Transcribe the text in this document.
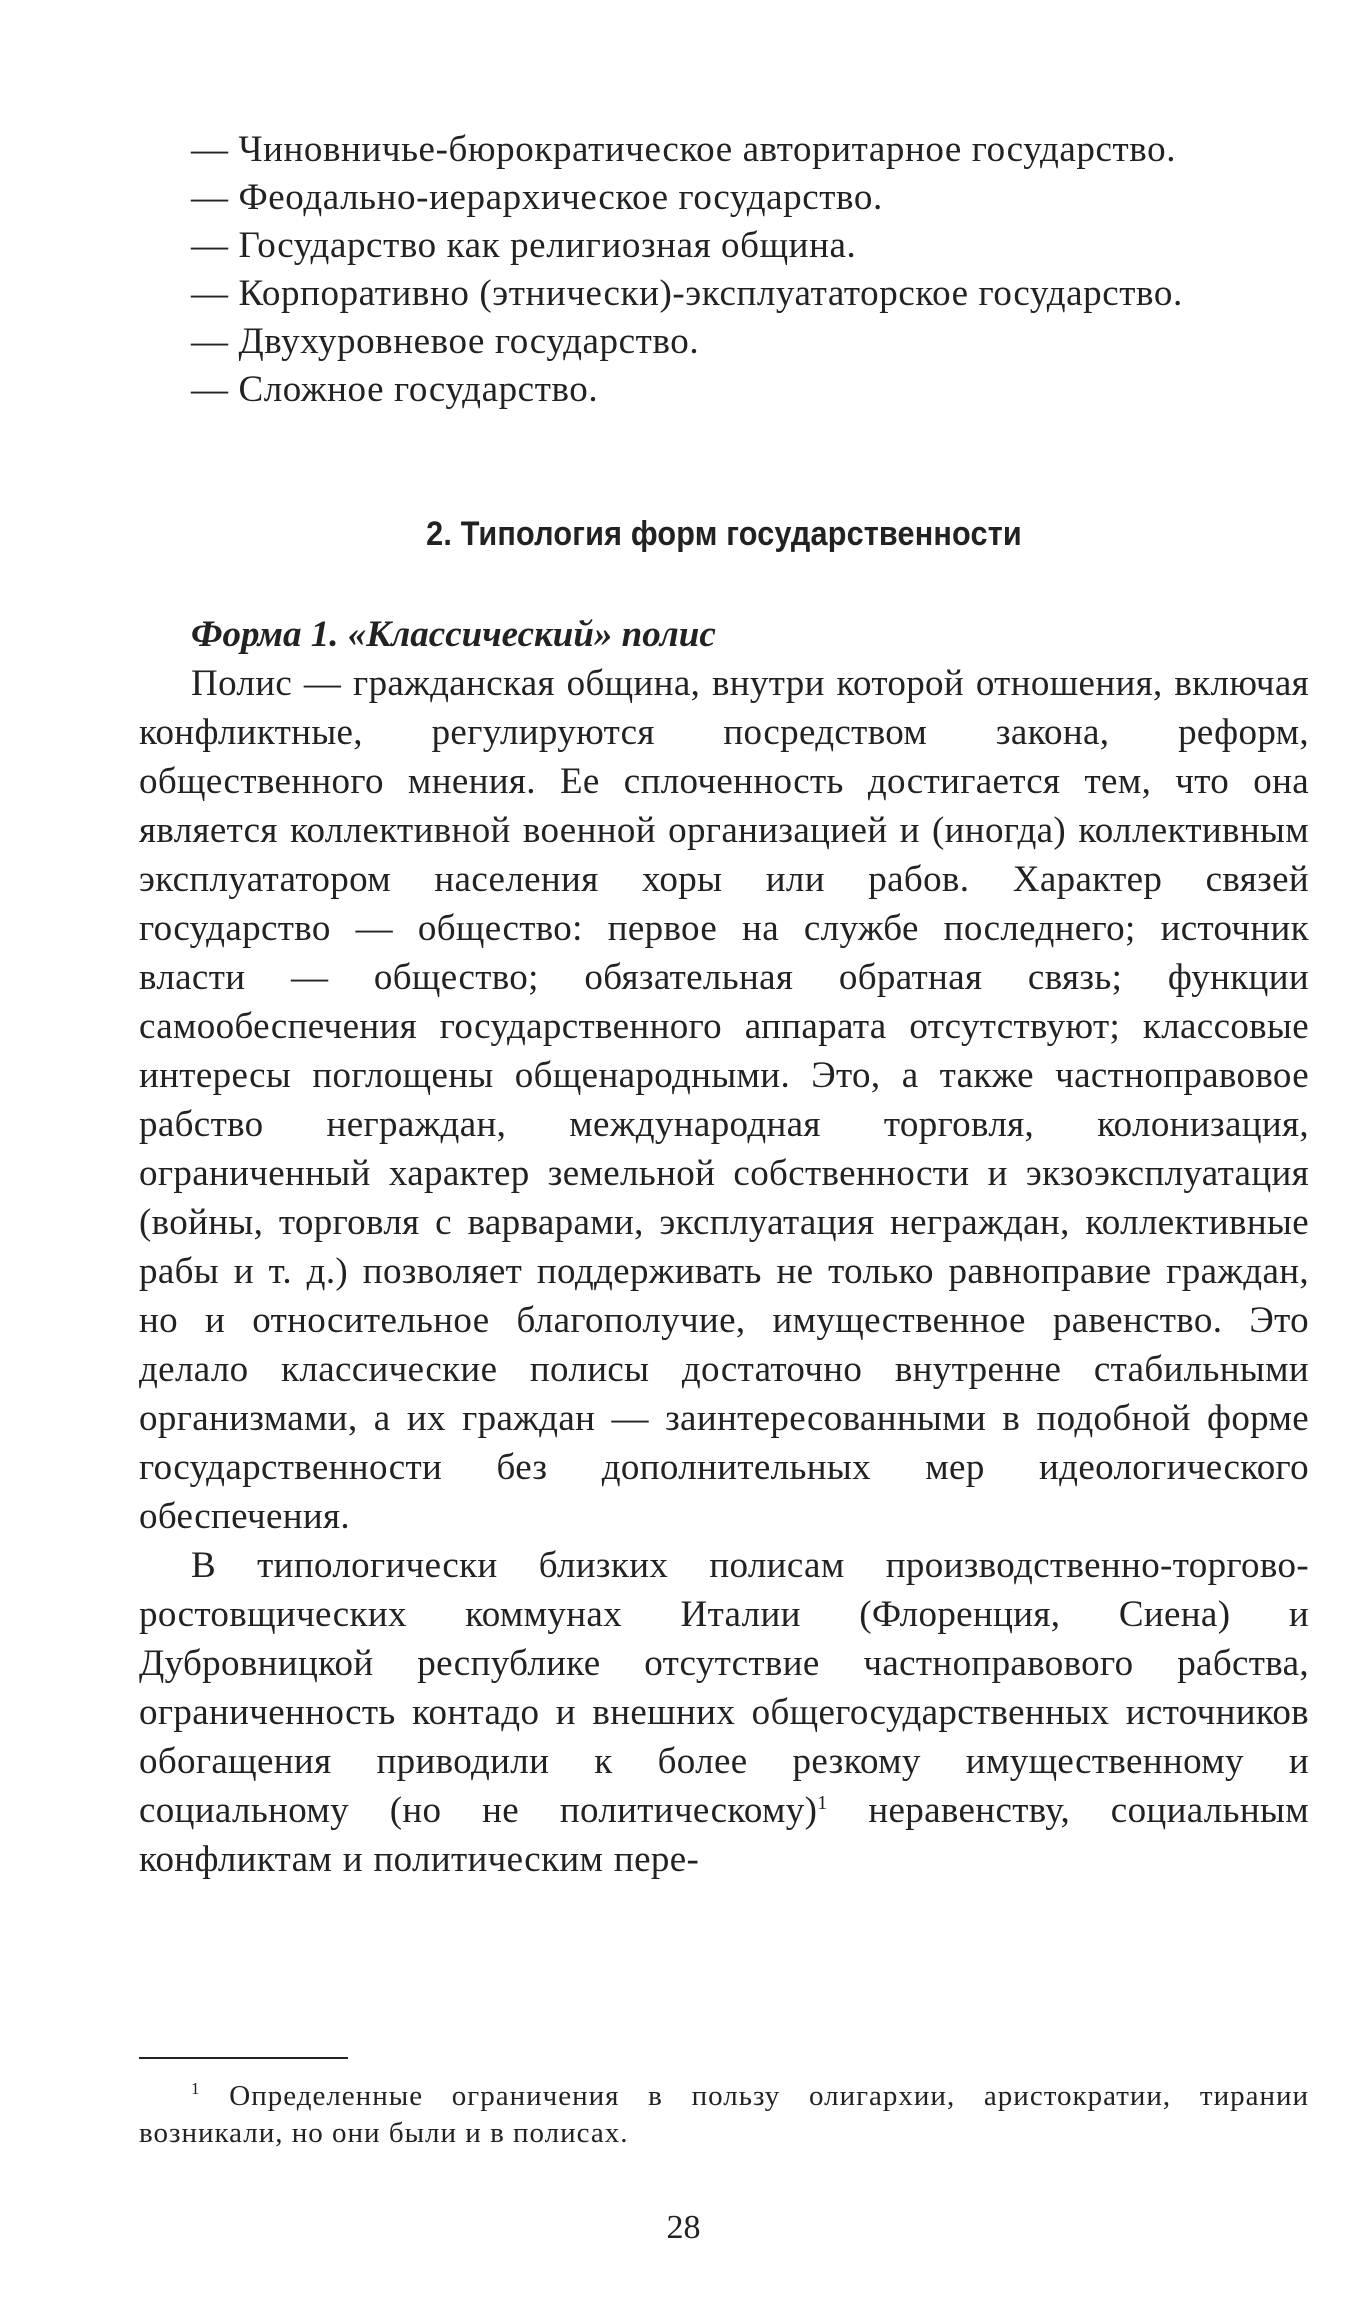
— Чиновничье-бюрократическое авторитарное государство.

— Феодально-иерархическое государство.

— Государство как религиозная община.

— Корпоративно (этнически)-эксплуататорское государство.

— Двухуровневое государство.

— Сложное государство.

2. Типология форм государственности
Форма 1. «Классический» полис

Полис — гражданская община, внутри которой отношения, включая конфликтные, регулируются посредством закона, реформ, общественного мнения. Ее сплоченность достигается тем, что она является коллективной военной организацией и (иногда) коллективным эксплуататором населения хоры или рабов. Характер связей государство — общество: первое на службе последнего; источник власти — общество; обязательная обратная связь; функции самообеспечения государственного аппарата отсутствуют; классовые интересы поглощены общенародными. Это, а также частноправовое рабство неграждан, международная торговля, колонизация, ограниченный характер земельной собственности и экзоэксплуатация (войны, торговля с варварами, эксплуатация неграждан, коллективные рабы и т. д.) позволяет поддерживать не только равноправие граждан, но и относительное благополучие, имущественное равенство. Это делало классические полисы достаточно внутренне стабильными организмами, а их граждан — заинтересованными в подобной форме государственности без дополнительных мер идеологического обеспечения.

В типологически близких полисам производственно-торгово-ростовщических коммунах Италии (Флоренция, Сиена) и Дубровницкой республике отсутствие частноправового рабства, ограниченность контадо и внешних общегосударственных источников обогащения приводили к более резкому имущественному и социальному (но не политическому)$^1$ неравенству, социальным конфликтам и политическим пере-

$^1$ Определенные ограничения в пользу олигархии, аристократии, тирании возникали, но они были и в полисах.

28
